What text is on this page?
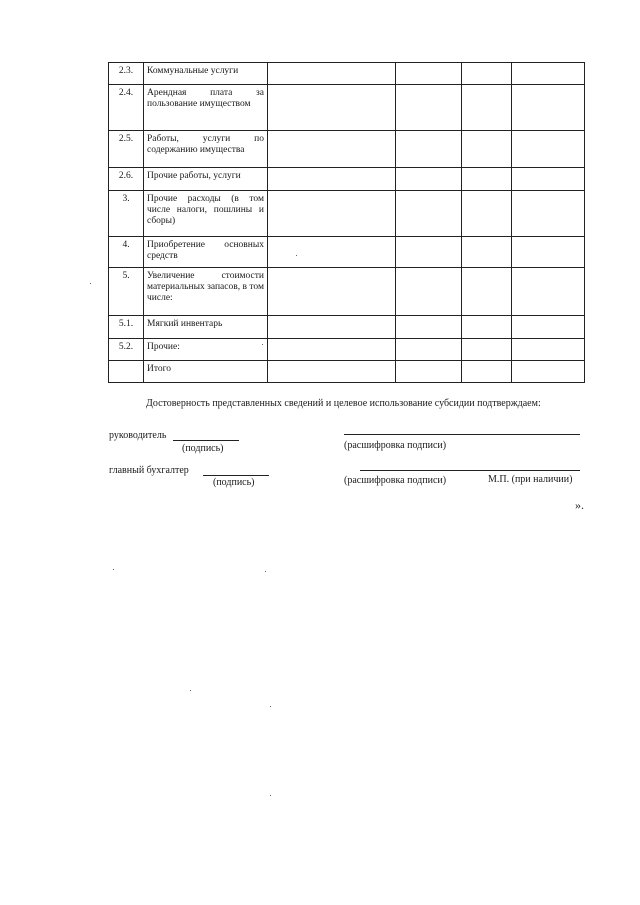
2.3.	Коммунальные услуги				
2.4.	Арендная плата за пользование имуществом				
2.5.	Работы, услуги по содержанию имущества				
2.6.	Прочие работы, услуги				
3.	Прочие расходы (в том числе налоги, пошлины и сборы)				
4.	Приобретение основных средств				
5.	Увеличение стоимости материальных запасов, в том числе:				
5.1.	Мягкий инвентарь				
5.2.	Прочие:				
	Итого				
Достоверность представленных сведений и целевое использование субсидии подтверждаем:
руководитель
(подпись)	(расшифровка подписи)
главный бухгалтер
(подпись)	(расшифровка подписи)	М.П. (при наличии)
».
